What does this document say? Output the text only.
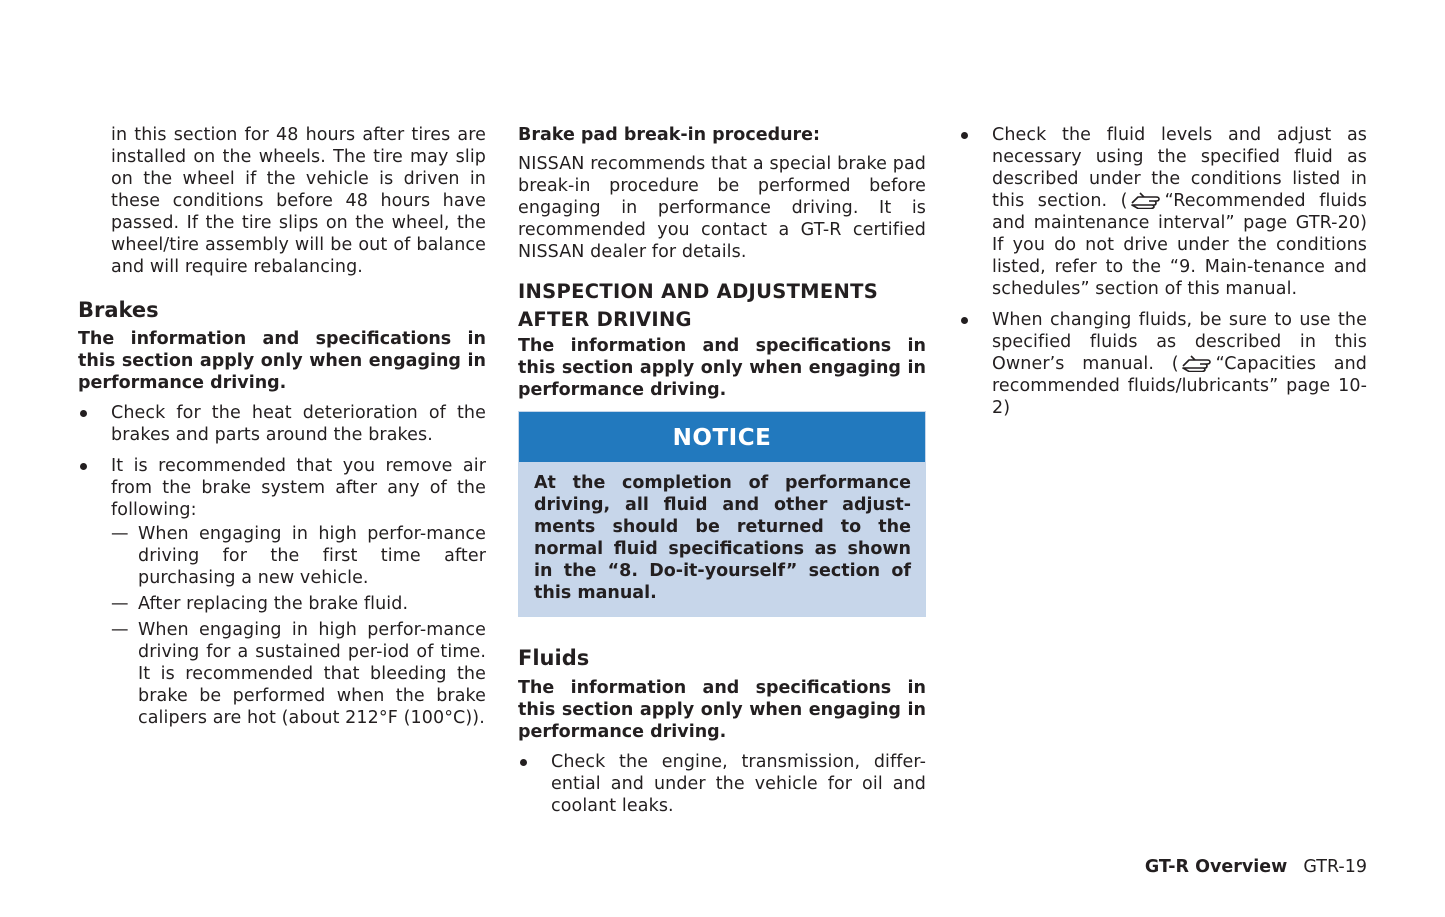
in this section for 48 hours after tires are installed on the wheels. The tire may slip on the wheel if the vehicle is driven in these conditions before 48 hours have passed. If the tire slips on the wheel, the wheel/tire assembly will be out of balance and will require rebalancing.

Brakes

The information and specifications in this section apply only when engaging in performance driving.

Check for the heat deterioration of the brakes and parts around the brakes.
It is recommended that you remove air from the brake system after any of the following:
— When engaging in high perfor-mance driving for the first time after purchasing a new vehicle.
— After replacing the brake fluid.
— When engaging in high perfor-mance driving for a sustained per-iod of time. It is recommended that bleeding the brake be performed when the brake calipers are hot (about 212°F (100°C)).
Brake pad break-in procedure:

NISSAN recommends that a special brake pad break-in procedure be performed before engaging in performance driving. It is recommended you contact a GT-R certified NISSAN dealer for details.

INSPECTION AND ADJUSTMENTS
AFTER DRIVING

The information and specifications in this section apply only when engaging in performance driving.

NOTICE
At the completion of performance driving, all fluid and other adjust-ments should be returned to the normal fluid specifications as shown in the “8. Do-it-yourself” section of this manual.
Fluids

The information and specifications in this section apply only when engaging in performance driving.

Check the engine, transmission, differ-ential and under the vehicle for oil and coolant leaks.
Check the fluid levels and adjust as necessary using the specified fluid as described under the conditions listed in this section. ( “Recommended fluids and maintenance interval” page GTR-20) If you do not drive under the conditions listed, refer to the “9. Main-tenance and schedules” section of this manual.
When changing fluids, be sure to use the specified fluids as described in this Owner’s manual. ( “Capacities and recommended fluids/lubricants” page 10-2)
GT-R Overview GTR-19
